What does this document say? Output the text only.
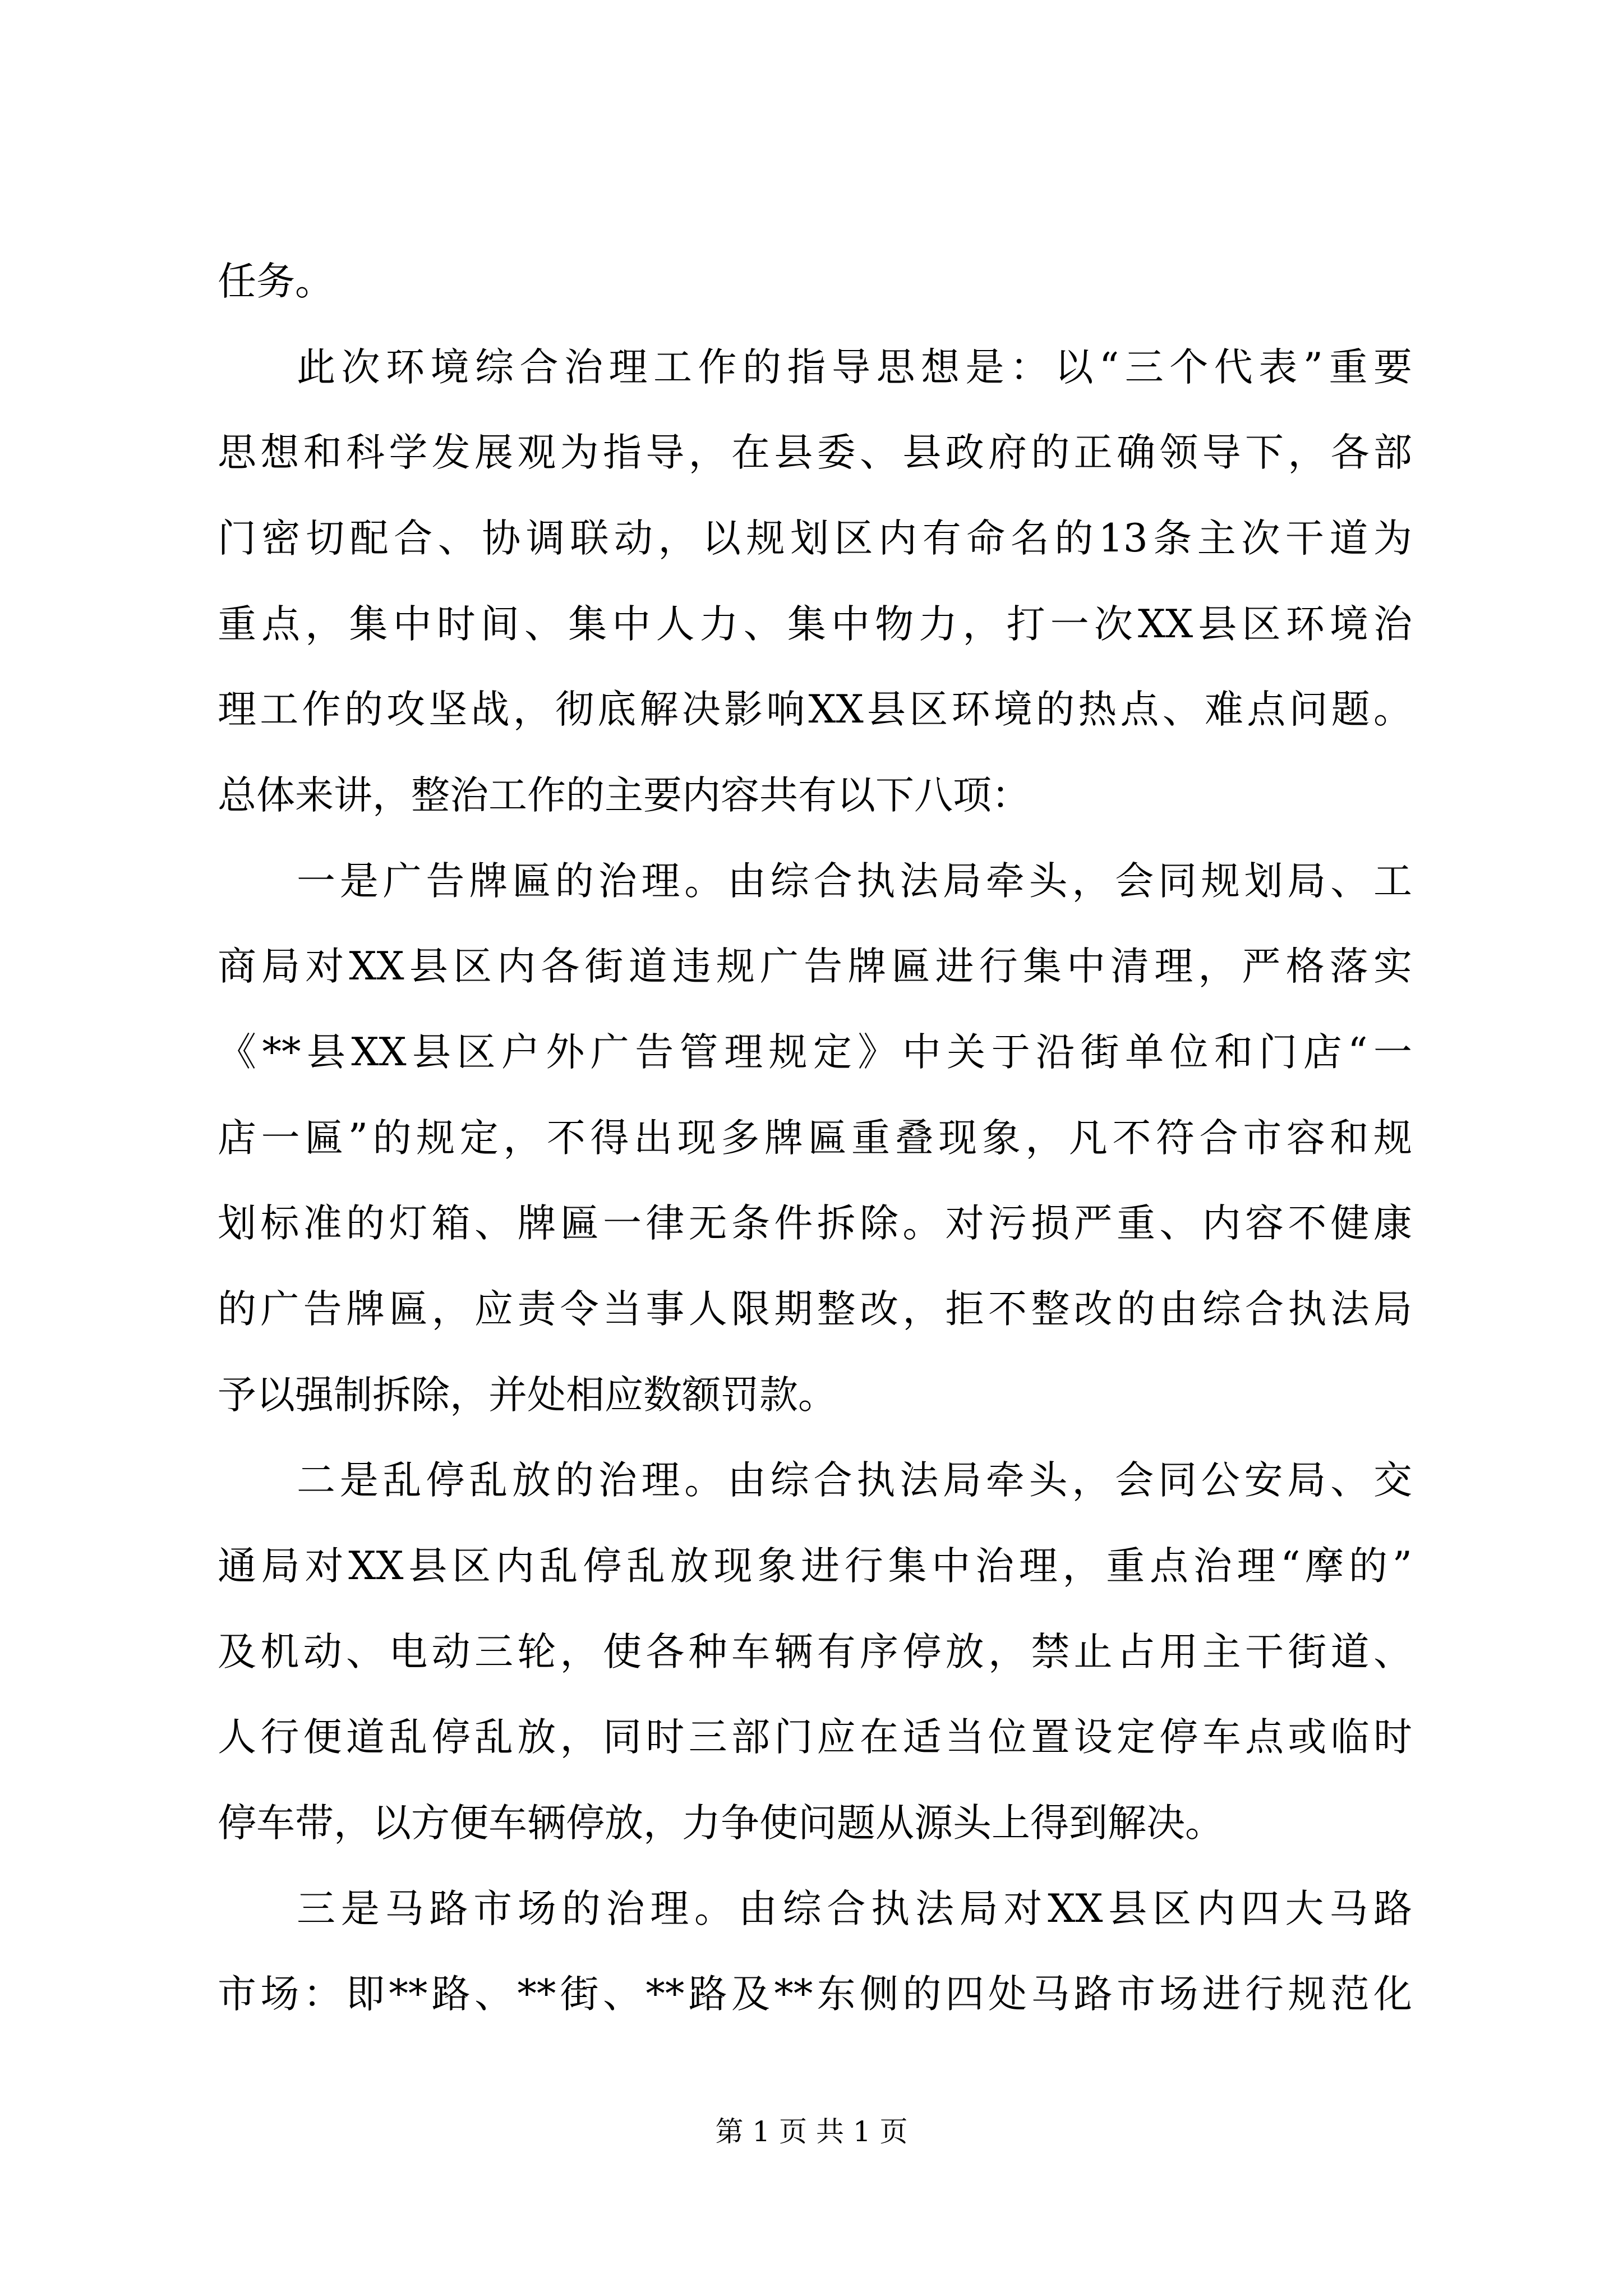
任务。
此次环境综合治理工作的指导思想是：以“三个代表”重要
思想和科学发展观为指导，在县委、县政府的正确领导下，各部
门密切配合、协调联动，以规划区内有命名的13条主次干道为
重点，集中时间、集中人力、集中物力，打一次XX县区环境治
理工作的攻坚战，彻底解决影响XX县区环境的热点、难点问题。
总体来讲，整治工作的主要内容共有以下八项：
一是广告牌匾的治理。由综合执法局牵头，会同规划局、工
商局对XX县区内各街道违规广告牌匾进行集中清理，严格落实
《**县XX县区户外广告管理规定》中关于沿街单位和门店“一
店一匾”的规定，不得出现多牌匾重叠现象，凡不符合市容和规
划标准的灯箱、牌匾一律无条件拆除。对污损严重、内容不健康
的广告牌匾，应责令当事人限期整改，拒不整改的由综合执法局
予以强制拆除，并处相应数额罚款。
二是乱停乱放的治理。由综合执法局牵头，会同公安局、交
通局对XX县区内乱停乱放现象进行集中治理，重点治理“摩的”
及机动、电动三轮，使各种车辆有序停放，禁止占用主干街道、
人行便道乱停乱放，同时三部门应在适当位置设定停车点或临时
停车带，以方便车辆停放，力争使问题从源头上得到解决。
三是马路市场的治理。由综合执法局对XX县区内四大马路
市场：即**路、**街、**路及**东侧的四处马路市场进行规范化
第 1 页 共 1 页
